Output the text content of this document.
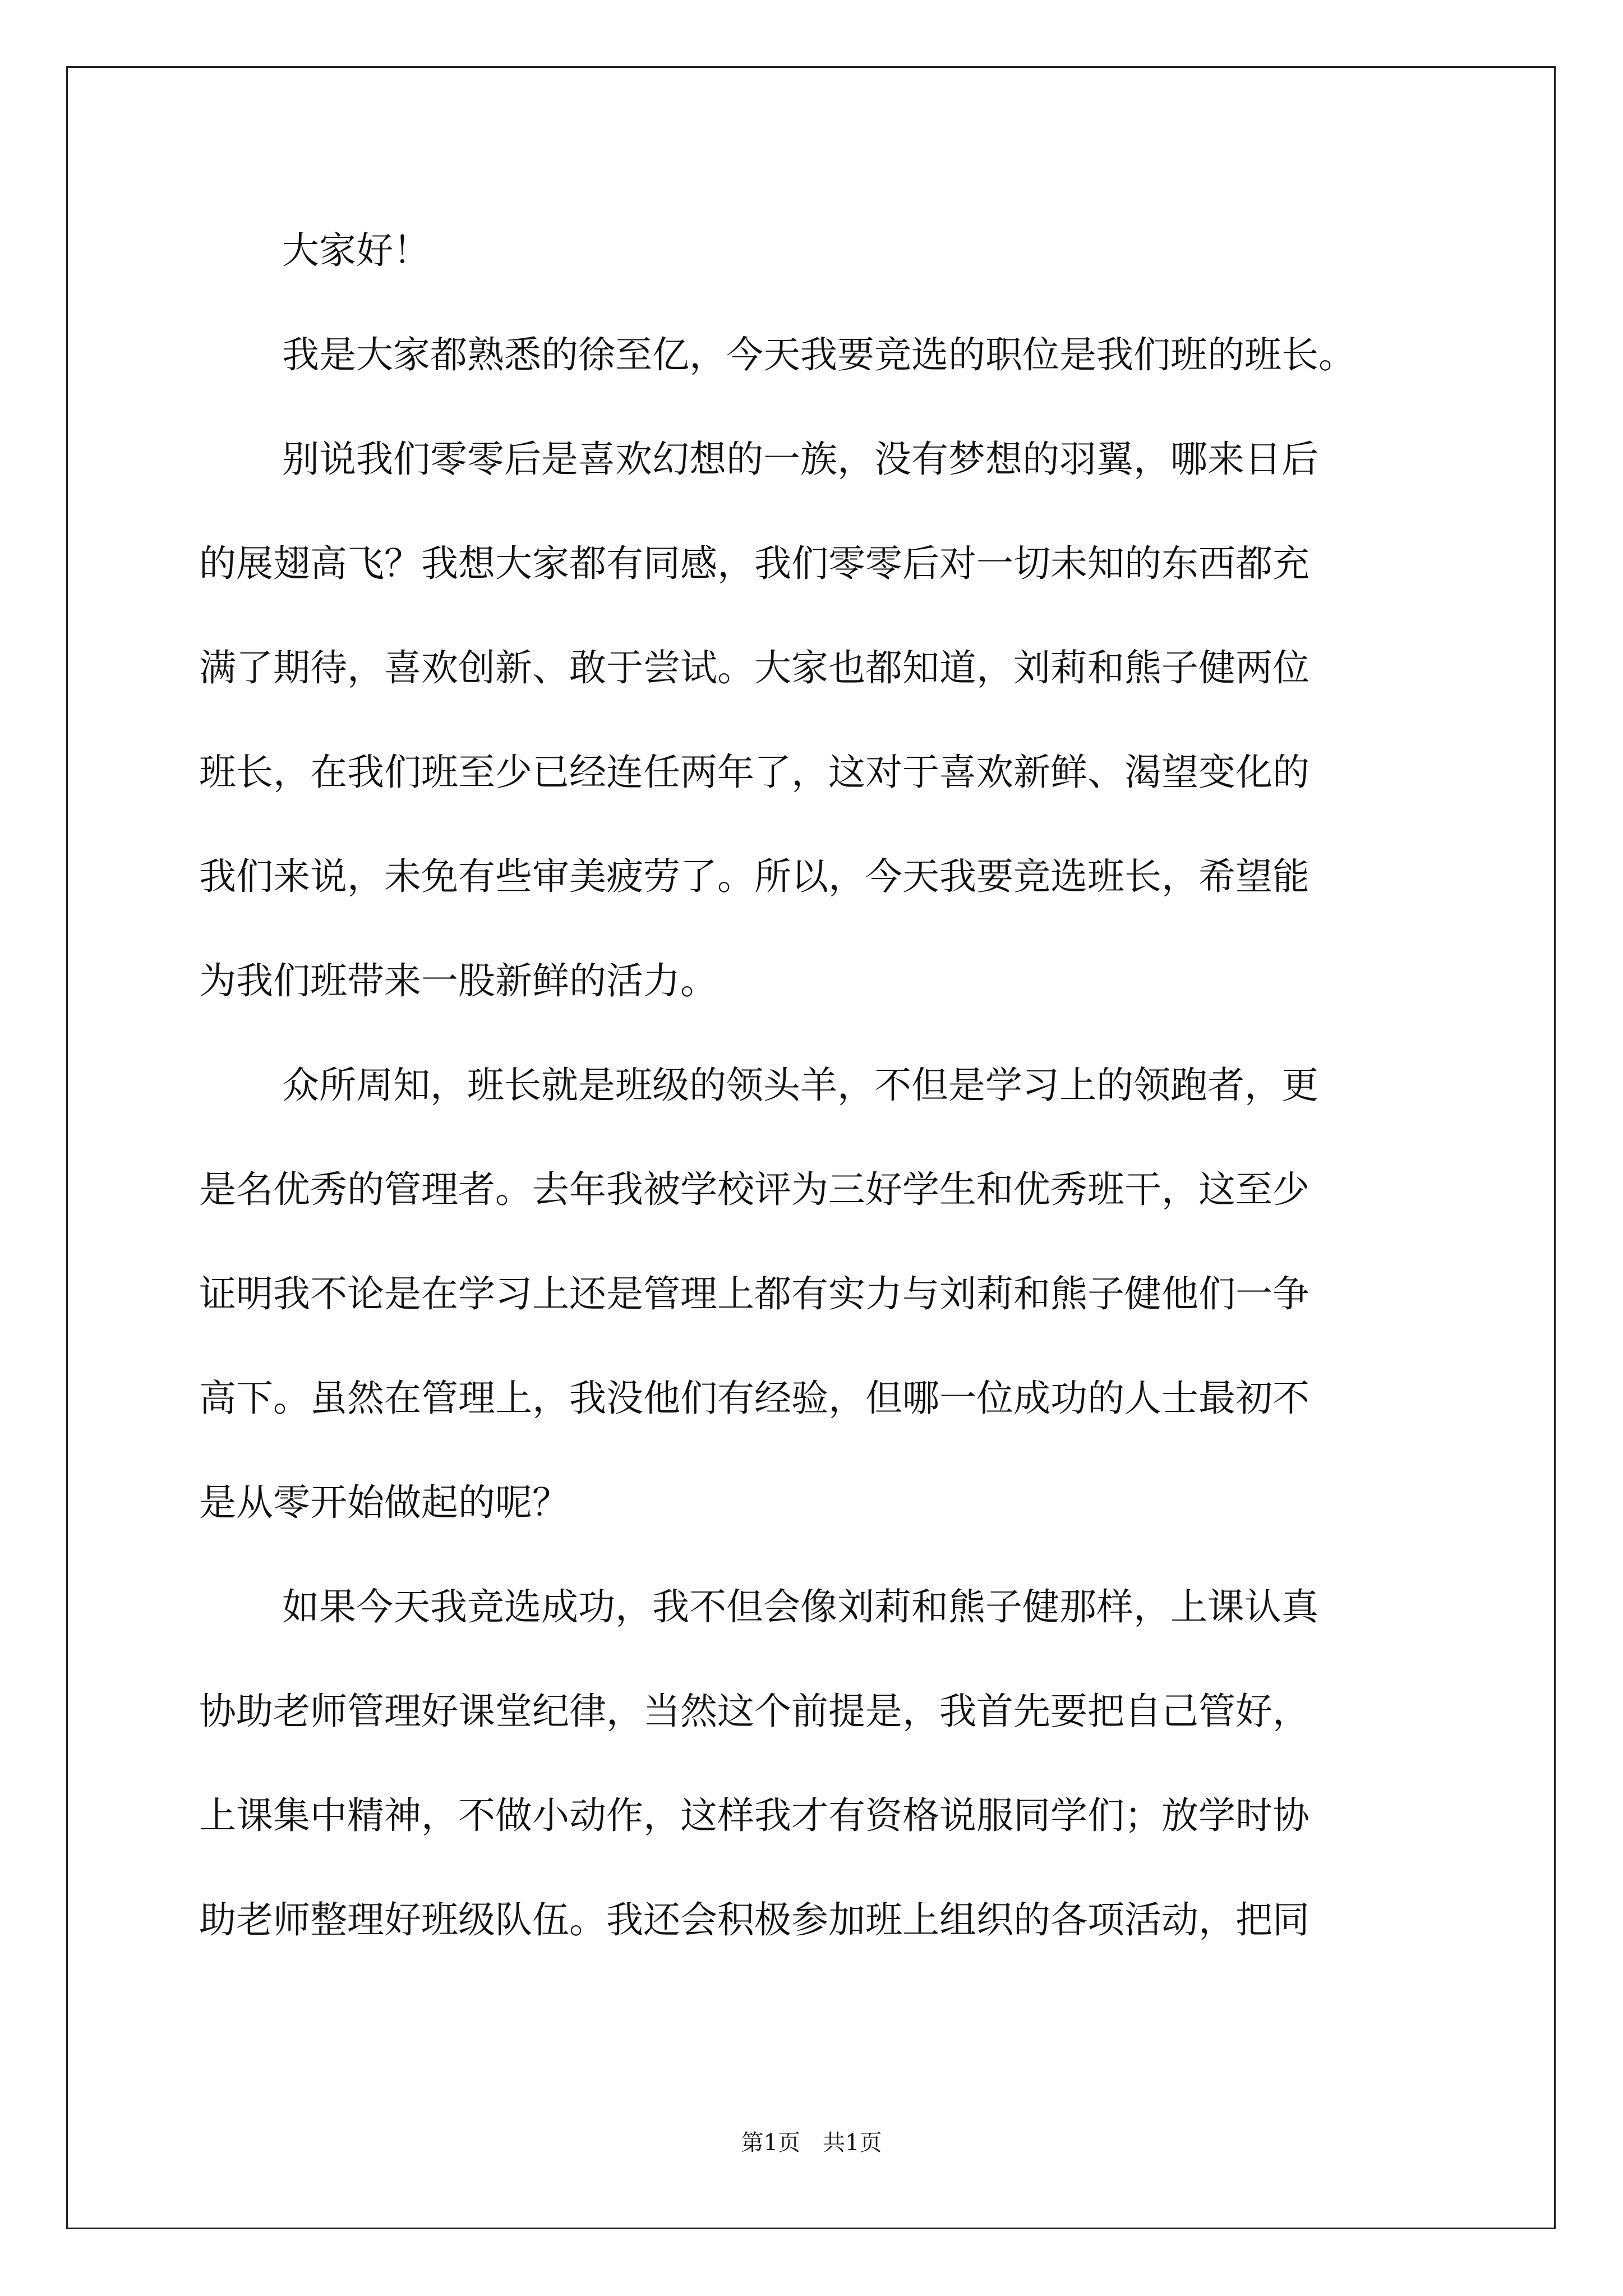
大家好！
我是大家都熟悉的徐至亿，今天我要竞选的职位是我们班的班长。
别说我们零零后是喜欢幻想的一族，没有梦想的羽翼，哪来日后
的展翅高飞？我想大家都有同感，我们零零后对一切未知的东西都充
满了期待，喜欢创新、敢于尝试。大家也都知道，刘莉和熊子健两位
班长，在我们班至少已经连任两年了，这对于喜欢新鲜、渴望变化的
我们来说，未免有些审美疲劳了。所以，今天我要竞选班长，希望能
为我们班带来一股新鲜的活力。
众所周知，班长就是班级的领头羊，不但是学习上的领跑者，更
是名优秀的管理者。去年我被学校评为三好学生和优秀班干，这至少
证明我不论是在学习上还是管理上都有实力与刘莉和熊子健他们一争
高下。虽然在管理上，我没他们有经验，但哪一位成功的人士最初不
是从零开始做起的呢？
如果今天我竞选成功，我不但会像刘莉和熊子健那样，上课认真
协助老师管理好课堂纪律，当然这个前提是，我首先要把自己管好，
上课集中精神，不做小动作，这样我才有资格说服同学们；放学时协
助老师整理好班级队伍。我还会积极参加班上组织的各项活动，把同
第1页 共1页
